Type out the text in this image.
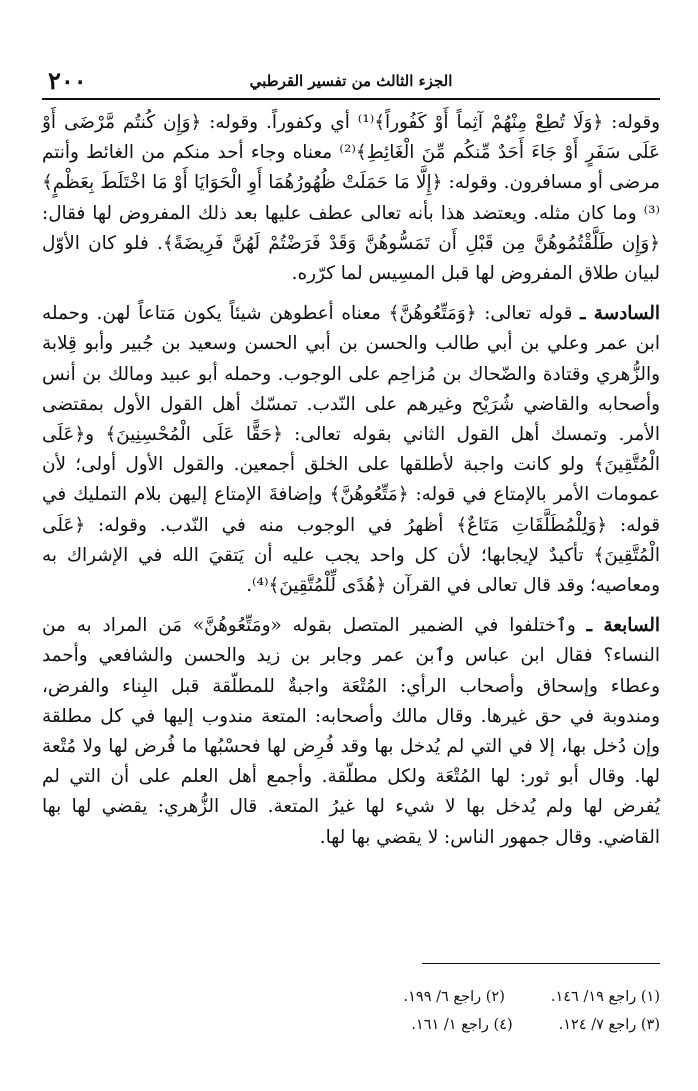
٢٠٠	الجزء الثالث من تفسير القرطبي

وقوله: ﴿وَلَا تُطِعْ مِنْهُمْ آثِماً أَوْ كَفُوراً﴾⁽¹⁾ أي وكفوراً. وقوله: ﴿وَإِن كُنتُم مَّرْضَى أَوْ عَلَى سَفَرٍ أَوْ جَاءَ أَحَدٌ مِّنكُم مِّنَ الْغَائِطِ﴾⁽²⁾ معناه وجاء أحد منكم من الغائط وأنتم مرضى أو مسافرون. وقوله: ﴿إِلَّا مَا حَمَلَتْ ظُهُورُهُمَا أَوِ الْحَوَايَا أَوْ مَا اخْتَلَطَ بِعَظْمٍ﴾⁽³⁾ وما كان مثله. ويعتضد هذا بأنه تعالى عطف عليها بعد ذلك المفروض لها فقال: ﴿وَإِن طَلَّقْتُمُوهُنَّ مِن قَبْلِ أَن تَمَسُّوهُنَّ وَقَدْ فَرَضْتُمْ لَهُنَّ فَرِيضَةً﴾. فلو كان الأوّل لبيان طلاق المفروض لها قبل المسِيس لما كرّره.

السادسة ـ قوله تعالى: ﴿وَمَتِّعُوهُنَّ﴾ معناه أعطوهن شيئاً يكون مَتاعاً لهن. وحمله ابن عمر وعلي بن أبي طالب والحسن بن أبي الحسن وسعيد بن جُبير وأبو قِلابة والزُّهري وقتادة والضّحاك بن مُزاحِم على الوجوب. وحمله أبو عبيد ومالك بن أنس وأصحابه والقاضي شُرَيْح وغيرهم على النّدب. تمسّك أهل القول الأول بمقتضى الأمر. وتمسك أهل القول الثاني بقوله تعالى: ﴿حَقًّا عَلَى الْمُحْسِنِينَ﴾ و﴿عَلَى الْمُتَّقِينَ﴾ ولو كانت واجبة لأطلقها على الخلق أجمعين. والقول الأول أولى؛ لأن عمومات الأمر بالإمتاع في قوله: ﴿مَتِّعُوهُنَّ﴾ وإضافةَ الإمتاع إليهن بلام التمليك في قوله: ﴿وَلِلْمُطَلَّقَاتِ مَتَاعٌ﴾ أظهرُ في الوجوب منه في النّدب. وقوله: ﴿عَلَى الْمُتَّقِينَ﴾ تأكيدٌ لإيجابها؛ لأن كل واحد يجب عليه أن يَتقيَ الله في الإشراك به ومعاصيه؛ وقد قال تعالى في القرآن ﴿هُدًى لِّلْمُتَّقِينَ﴾⁽⁴⁾.

السابعة ـ وٱختلفوا في الضمير المتصل بقوله «ومَتِّعُوهُنَّ» مَن المراد به من النساء؟ فقال ابن عباس وٱبن عمر وجابر بن زيد والحسن والشافعي وأحمد وعطاء وإسحاق وأصحاب الرأي: المُتْعَة واجبةٌ للمطلّقة قبل البِناء والفرض، ومندوبة في حق غيرها. وقال مالك وأصحابه: المتعة مندوب إليها في كل مطلقة وإن دُخل بها، إلا في التي لم يُدخل بها وقد فُرِض لها فحسْبُها ما فُرض لها ولا مُتْعة لها. وقال أبو ثور: لها المُتْعَة ولكل مطلّقة. وأجمع أهل العلم على أن التي لم يُفرض لها ولم يُدخل بها لا شيء لها غيرُ المتعة. قال الزُّهري: يقضي لها بها القاضي. وقال جمهور الناس: لا يقضي بها لها.

(١) راجع ١٩/ ١٤٦.
(٢) راجع ٦/ ١٩٩.
(٣) راجع ٧/ ١٢٤.
(٤) راجع ١/ ١٦١.
